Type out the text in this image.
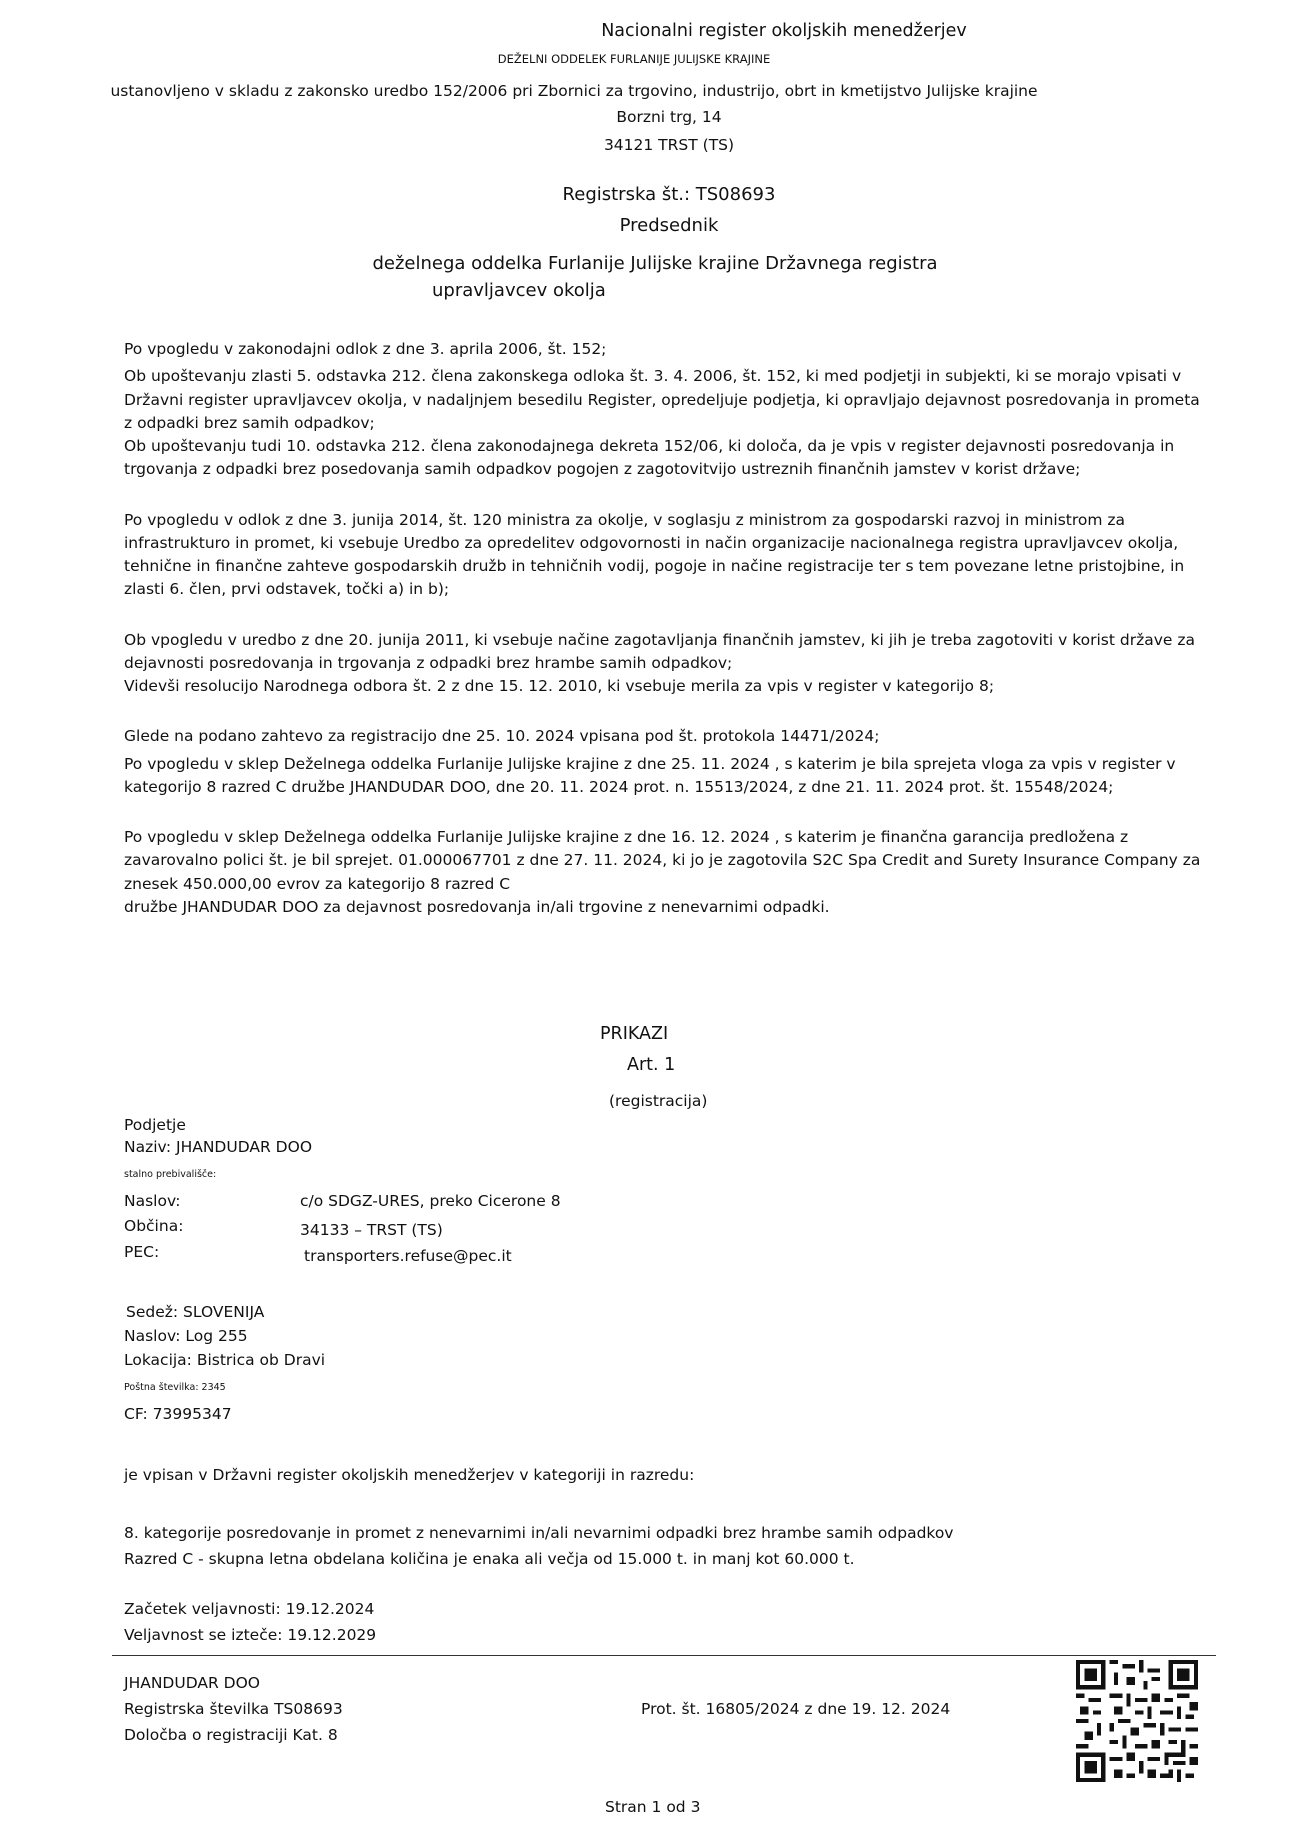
Nacionalni register okoljskih menedžerjev
DEŽELNI ODDELEK FURLANIJE JULIJSKE KRAJINE
ustanovljeno v skladu z zakonsko uredbo 152/2006 pri Zbornici za trgovino, industrijo, obrt in kmetijstvo Julijske krajine
Borzni trg, 14
34121 TRST (TS)
Registrska št.: TS08693
Predsednik
deželnega oddelka Furlanije Julijske krajine Državnega registra
upravljavcev okolja

Po vpogledu v zakonodajni odlok z dne 3. aprila 2006, št. 152;

Ob upoštevanju zlasti 5. odstavka 212. člena zakonskega odloka št. 3. 4. 2006, št. 152, ki med podjetji in subjekti, ki se morajo vpisati v Državni register upravljavcev okolja, v nadaljnjem besedilu Register, opredeljuje podjetja, ki opravljajo dejavnost posredovanja in prometa z odpadki brez samih odpadkov;

Ob upoštevanju tudi 10. odstavka 212. člena zakonodajnega dekreta 152/06, ki določa, da je vpis v register dejavnosti posredovanja in trgovanja z odpadki brez posedovanja samih odpadkov pogojen z zagotovitvijo ustreznih finančnih jamstev v korist države;

Po vpogledu v odlok z dne 3. junija 2014, št. 120 ministra za okolje, v soglasju z ministrom za gospodarski razvoj in ministrom za infrastrukturo in promet, ki vsebuje Uredbo za opredelitev odgovornosti in način organizacije nacionalnega registra upravljavcev okolja, tehnične in finančne zahteve gospodarskih družb in tehničnih vodij, pogoje in načine registracije ter s tem povezane letne pristojbine, in zlasti 6. člen, prvi odstavek, točki a) in b);

Ob vpogledu v uredbo z dne 20. junija 2011, ki vsebuje načine zagotavljanja finančnih jamstev, ki jih je treba zagotoviti v korist države za dejavnosti posredovanja in trgovanja z odpadki brez hrambe samih odpadkov;

Videvši resolucijo Narodnega odbora št. 2 z dne 15. 12. 2010, ki vsebuje merila za vpis v register v kategorijo 8;

Glede na podano zahtevo za registracijo dne 25. 10. 2024 vpisana pod št. protokola 14471/2024;

Po vpogledu v sklep Deželnega oddelka Furlanije Julijske krajine z dne 25. 11. 2024 , s katerim je bila sprejeta vloga za vpis v register v kategorijo 8 razred C družbe JHANDUDAR DOO, dne 20. 11. 2024 prot. n. 15513/2024, z dne 21. 11. 2024 prot. št. 15548/2024;

Po vpogledu v sklep Deželnega oddelka Furlanije Julijske krajine z dne 16. 12. 2024 , s katerim je finančna garancija predložena z zavarovalno polici št. je bil sprejet. 01.000067701 z dne 27. 11. 2024, ki jo je zagotovila S2C Spa Credit and Surety Insurance Company za znesek 450.000,00 evrov za kategorijo 8 razred C

družbe JHANDUDAR DOO za dejavnost posredovanja in/ali trgovine z nenevarnimi odpadki.

PRIKAZI
Art. 1
(registracija)
Podjetje
Naziv: JHANDUDAR DOO
stalno prebivališče:
Naslov:	c/o SDGZ-URES, preko Cicerone 8
Občina:	34133 – TRST (TS)
PEC:	transporters.refuse@pec.it
Sedež: SLOVENIJA
Naslov: Log 255
Lokacija: Bistrica ob Dravi
Poštna številka: 2345
CF: 73995347
je vpisan v Državni register okoljskih menedžerjev v kategoriji in razredu:
8. kategorije posredovanje in promet z nenevarnimi in/ali nevarnimi odpadki brez hrambe samih odpadkov
Razred C - skupna letna obdelana količina je enaka ali večja od 15.000 t. in manj kot 60.000 t.
Začetek veljavnosti: 19.12.2024
Veljavnost se izteče: 19.12.2029
JHANDUDAR DOO
Registrska številka TS08693
Določba o registraciji Kat. 8
Prot. št. 16805/2024 z dne 19. 12. 2024
Stran 1 od 3
